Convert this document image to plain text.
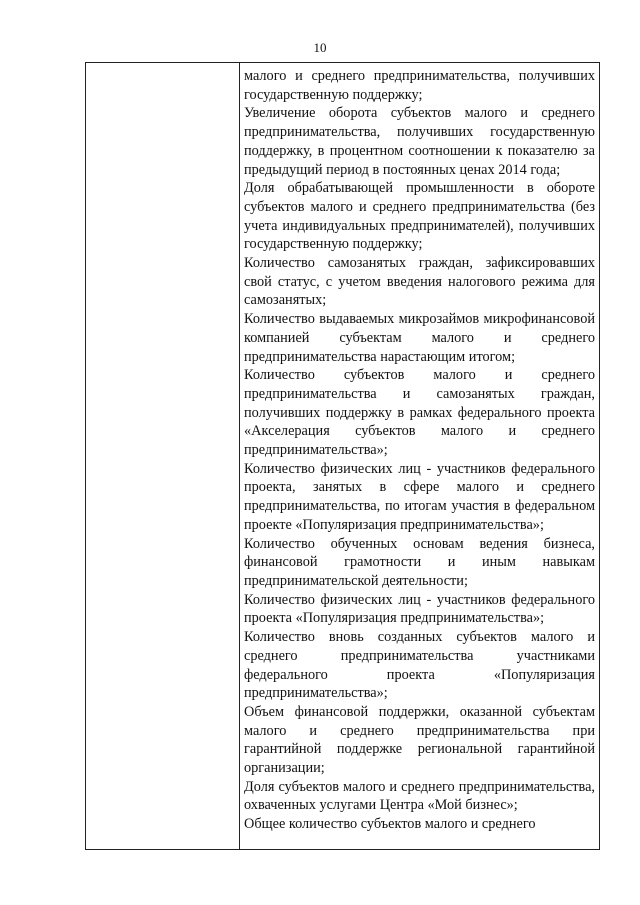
10

малого и среднего предпринимательства, получивших государственную поддержку;

Увеличение оборота субъектов малого и среднего предпринимательства, получивших государственную поддержку, в процентном соотношении к показателю за предыдущий период в постоянных ценах 2014 года;

Доля обрабатывающей промышленности в обороте субъектов малого и среднего предпринимательства (без учета индивидуальных предпринимателей), получивших государственную поддержку;

Количество самозанятых граждан, зафиксировавших свой статус, с учетом введения налогового режима для самозанятых;

Количество выдаваемых микрозаймов микрофинансовой компанией субъектам малого и среднего предпринимательства нарастающим итогом;

Количество субъектов малого и среднего предпринимательства и самозанятых граждан, получивших поддержку в рамках федерального проекта «Акселерация субъектов малого и среднего предпринимательства»;

Количество физических лиц - участников федерального проекта, занятых в сфере малого и среднего предпринимательства, по итогам участия в федеральном проекте «Популяризация предпринимательства»;

Количество обученных основам ведения бизнеса, финансовой грамотности и иным навыкам предпринимательской деятельности;

Количество физических лиц - участников федерального проекта «Популяризация предпринимательства»;

Количество вновь созданных субъектов малого и среднего предпринимательства участниками федерального проекта «Популяризация предпринимательства»;

Объем финансовой поддержки, оказанной субъектам малого и среднего предпринимательства при гарантийной поддержке региональной гарантийной организации;

Доля субъектов малого и среднего предпринимательства, охваченных услугами Центра «Мой бизнес»;

Общее количество субъектов малого и среднего
